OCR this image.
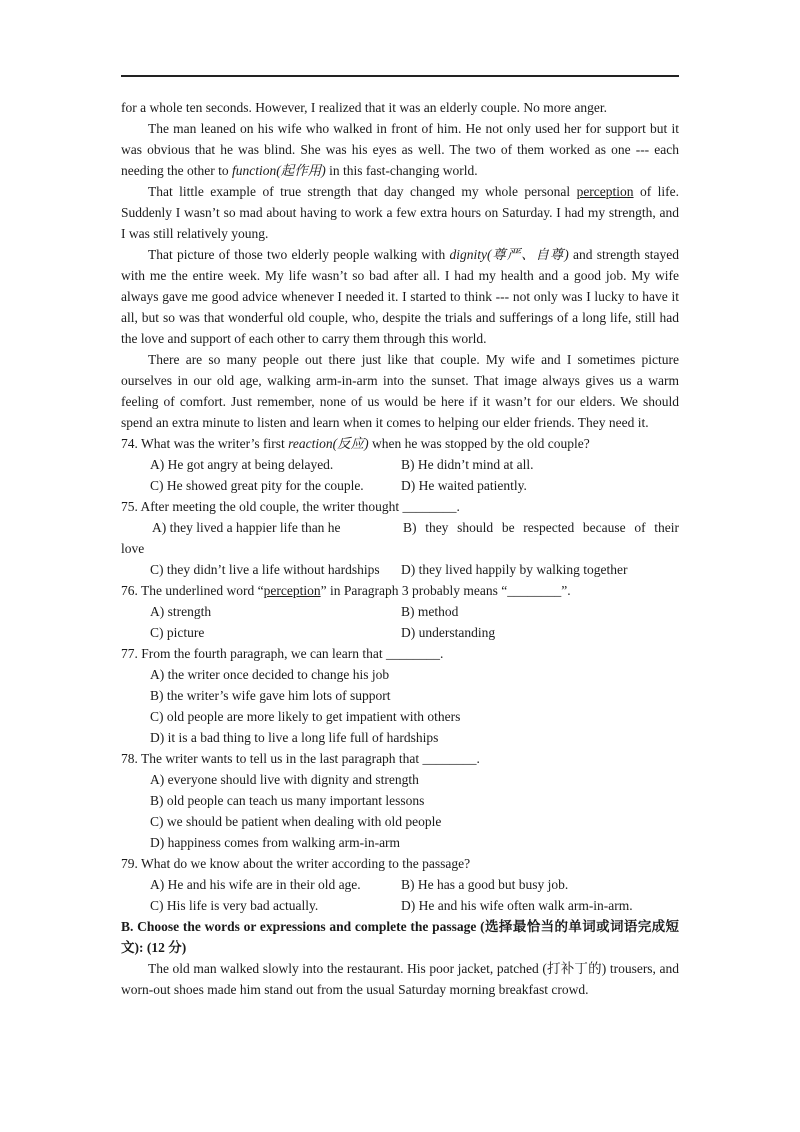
for a whole ten seconds. However, I realized that it was an elderly couple. No more anger.

The man leaned on his wife who walked in front of him. He not only used her for support but it was obvious that he was blind. She was his eyes as well. The two of them worked as one --- each needing the other to function(起作用) in this fast-changing world.

That little example of true strength that day changed my whole personal perception of life. Suddenly I wasn’t so mad about having to work a few extra hours on Saturday. I had my strength, and I was still relatively young.

That picture of those two elderly people walking with dignity(尊严、自尊) and strength stayed with me the entire week. My life wasn’t so bad after all. I had my health and a good job. My wife always gave me good advice whenever I needed it. I started to think --- not only was I lucky to have it all, but so was that wonderful old couple, who, despite the trials and sufferings of a long life, still had the love and support of each other to carry them through this world.

There are so many people out there just like that couple. My wife and I sometimes picture ourselves in our old age, walking arm-in-arm into the sunset. That image always gives us a warm feeling of comfort. Just remember, none of us would be here if it wasn’t for our elders. We should spend an extra minute to listen and learn when it comes to helping our elder friends. They need it.

74. What was the writer’s first reaction(反应) when he was stopped by the old couple?

A) He got angry at being delayed.	B) He didn’t mind at all.
C) He showed great pity for the couple.	D) He waited patiently.

75. After meeting the old couple, the writer thought ________.

A) they lived a happier life than he	B) they should be respected because of their

love

C) they didn’t live a life without hardships	D) they lived happily by walking together

76. The underlined word “perception” in Paragraph 3 probably means “________”.

A) strength	B) method
C) picture	D) understanding

77. From the fourth paragraph, we can learn that ________.

A) the writer once decided to change his job
B) the writer’s wife gave him lots of support
C) old people are more likely to get impatient with others
D) it is a bad thing to live a long life full of hardships

78. The writer wants to tell us in the last paragraph that ________.

A) everyone should live with dignity and strength
B) old people can teach us many important lessons
C) we should be patient when dealing with old people
D) happiness comes from walking arm-in-arm

79. What do we know about the writer according to the passage?

A) He and his wife are in their old age.	B) He has a good but busy job.
C) His life is very bad actually.	D) He and his wife often walk arm-in-arm.

B. Choose the words or expressions and complete the passage (选择最恰当的单词或词语完成短文): (12 分)

The old man walked slowly into the restaurant. His poor jacket, patched (打补丁的) trousers, and worn-out shoes made him stand out from the usual Saturday morning breakfast crowd.
